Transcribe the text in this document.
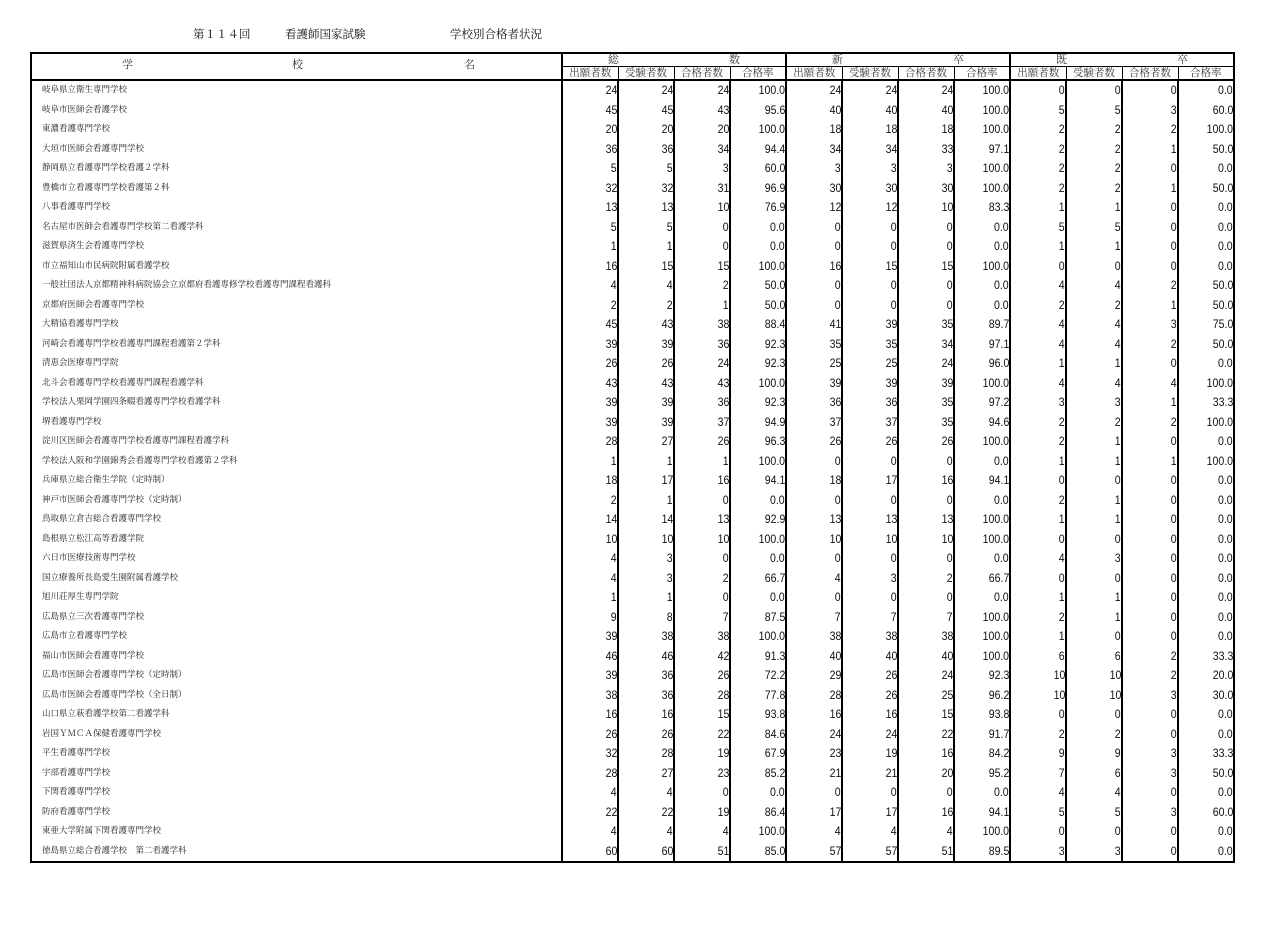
第１１４回	看護師国家試験	学校別合格者状況
学 校 名	総 数				新 卒				既 卒			

	出願者数	受験者数	合格者数	合格率	出願者数	受験者数	合格者数	合格率	出願者数	受験者数	合格者数	合格率
岐阜県立衛生専門学校	24	24	24	100.0	24	24	24	100.0	0	0	0	0.0
岐阜市医師会看護学校	45	45	43	95.6	40	40	40	100.0	5	5	3	60.0
東濃看護専門学校	20	20	20	100.0	18	18	18	100.0	2	2	2	100.0
大垣市医師会看護専門学校	36	36	34	94.4	34	34	33	97.1	2	2	1	50.0
静岡県立看護専門学校看護２学科	5	5	3	60.0	3	3	3	100.0	2	2	0	0.0
豊橋市立看護専門学校看護第２科	32	32	31	96.9	30	30	30	100.0	2	2	1	50.0
八事看護専門学校	13	13	10	76.9	12	12	10	83.3	1	1	0	0.0
名古屋市医師会看護専門学校第二看護学科	5	5	0	0.0	0	0	0	0.0	5	5	0	0.0
滋賀県済生会看護専門学校	1	1	0	0.0	0	0	0	0.0	1	1	0	0.0
市立福知山市民病院附属看護学校	16	15	15	100.0	16	15	15	100.0	0	0	0	0.0
一般社団法人京都精神科病院協会立京都府看護専修学校看護専門課程看護科	4	4	2	50.0	0	0	0	0.0	4	4	2	50.0
京都府医師会看護専門学校	2	2	1	50.0	0	0	0	0.0	2	2	1	50.0
大精協看護専門学校	45	43	38	88.4	41	39	35	89.7	4	4	3	75.0
河崎会看護専門学校看護専門課程看護第２学科	39	39	36	92.3	35	35	34	97.1	4	4	2	50.0
清恵会医療専門学院	26	26	24	92.3	25	25	24	96.0	1	1	0	0.0
北斗会看護専門学校看護専門課程看護学科	43	43	43	100.0	39	39	39	100.0	4	4	4	100.0
学校法人栗岡学園四条畷看護専門学校看護学科	39	39	36	92.3	36	36	35	97.2	3	3	1	33.3
堺看護専門学校	39	39	37	94.9	37	37	35	94.6	2	2	2	100.0
淀川区医師会看護専門学校看護専門課程看護学科	28	27	26	96.3	26	26	26	100.0	2	1	0	0.0
学校法人阪和学園錦秀会看護専門学校看護第２学科	1	1	1	100.0	0	0	0	0.0	1	1	1	100.0
兵庫県立総合衛生学院（定時制）	18	17	16	94.1	18	17	16	94.1	0	0	0	0.0
神戸市医師会看護専門学校（定時制）	2	1	0	0.0	0	0	0	0.0	2	1	0	0.0
鳥取県立倉吉総合看護専門学校	14	14	13	92.9	13	13	13	100.0	1	1	0	0.0
島根県立松江高等看護学院	10	10	10	100.0	10	10	10	100.0	0	0	0	0.0
六日市医療技術専門学校	4	3	0	0.0	0	0	0	0.0	4	3	0	0.0
国立療養所長島愛生園附属看護学校	4	3	2	66.7	4	3	2	66.7	0	0	0	0.0
旭川荘厚生専門学院	1	1	0	0.0	0	0	0	0.0	1	1	0	0.0
広島県立三次看護専門学校	9	8	7	87.5	7	7	7	100.0	2	1	0	0.0
広島市立看護専門学校	39	38	38	100.0	38	38	38	100.0	1	0	0	0.0
福山市医師会看護専門学校	46	46	42	91.3	40	40	40	100.0	6	6	2	33.3
広島市医師会看護専門学校（定時制）	39	36	26	72.2	29	26	24	92.3	10	10	2	20.0
広島市医師会看護専門学校（全日制）	38	36	28	77.8	28	26	25	96.2	10	10	3	30.0
山口県立萩看護学校第二看護学科	16	16	15	93.8	16	16	15	93.8	0	0	0	0.0
岩国ＹＭＣＡ保健看護専門学校	26	26	22	84.6	24	24	22	91.7	2	2	0	0.0
平生看護専門学校	32	28	19	67.9	23	19	16	84.2	9	9	3	33.3
宇部看護専門学校	28	27	23	85.2	21	21	20	95.2	7	6	3	50.0
下関看護専門学校	4	4	0	0.0	0	0	0	0.0	4	4	0	0.0
防府看護専門学校	22	22	19	86.4	17	17	16	94.1	5	5	3	60.0
東亜大学附属下関看護専門学校	4	4	4	100.0	4	4	4	100.0	0	0	0	0.0
徳島県立総合看護学校　第二看護学科	60	60	51	85.0	57	57	51	89.5	3	3	0	0.0
